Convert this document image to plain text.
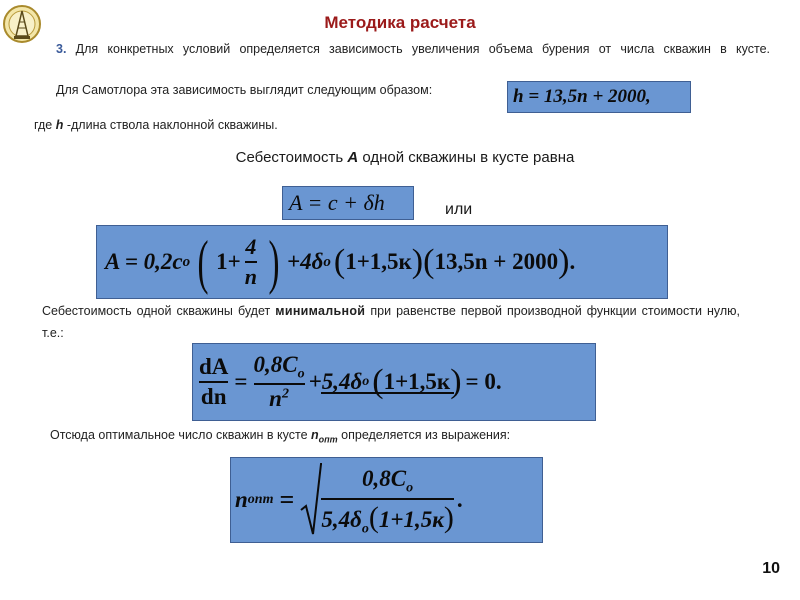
Методика расчета
3. Для конкретных условий определяется зависимость увеличения объема бурения от числа скважин в кусте.
Для Самотлора эта зависимость выглядит следующим образом:	h = 13,5n + 2000,
где h -длина ствола наклонной скважины.
Себестоимость A одной скважины в кусте равна
A = c + δh	или
A = 0,2c o ( 1+
4
n ) +4δ o ( 1+1,5к ) ( 13,5n + 2000 ) .
Себестоимость одной скважины будет минимальной при равенстве первой производной функции стоимости нулю, т.е.:
dA
dn
=
$0,8C_o$
$n^2$
+5,4δ o ( 1+1,5к ) = 0.
Отсюда оптимальное число скважин в кусте $n_{опт}$ определяется из выражения:
n опт =
$0,8C_o$
$5,4\delta_o(1+1,5к)$
.
10
